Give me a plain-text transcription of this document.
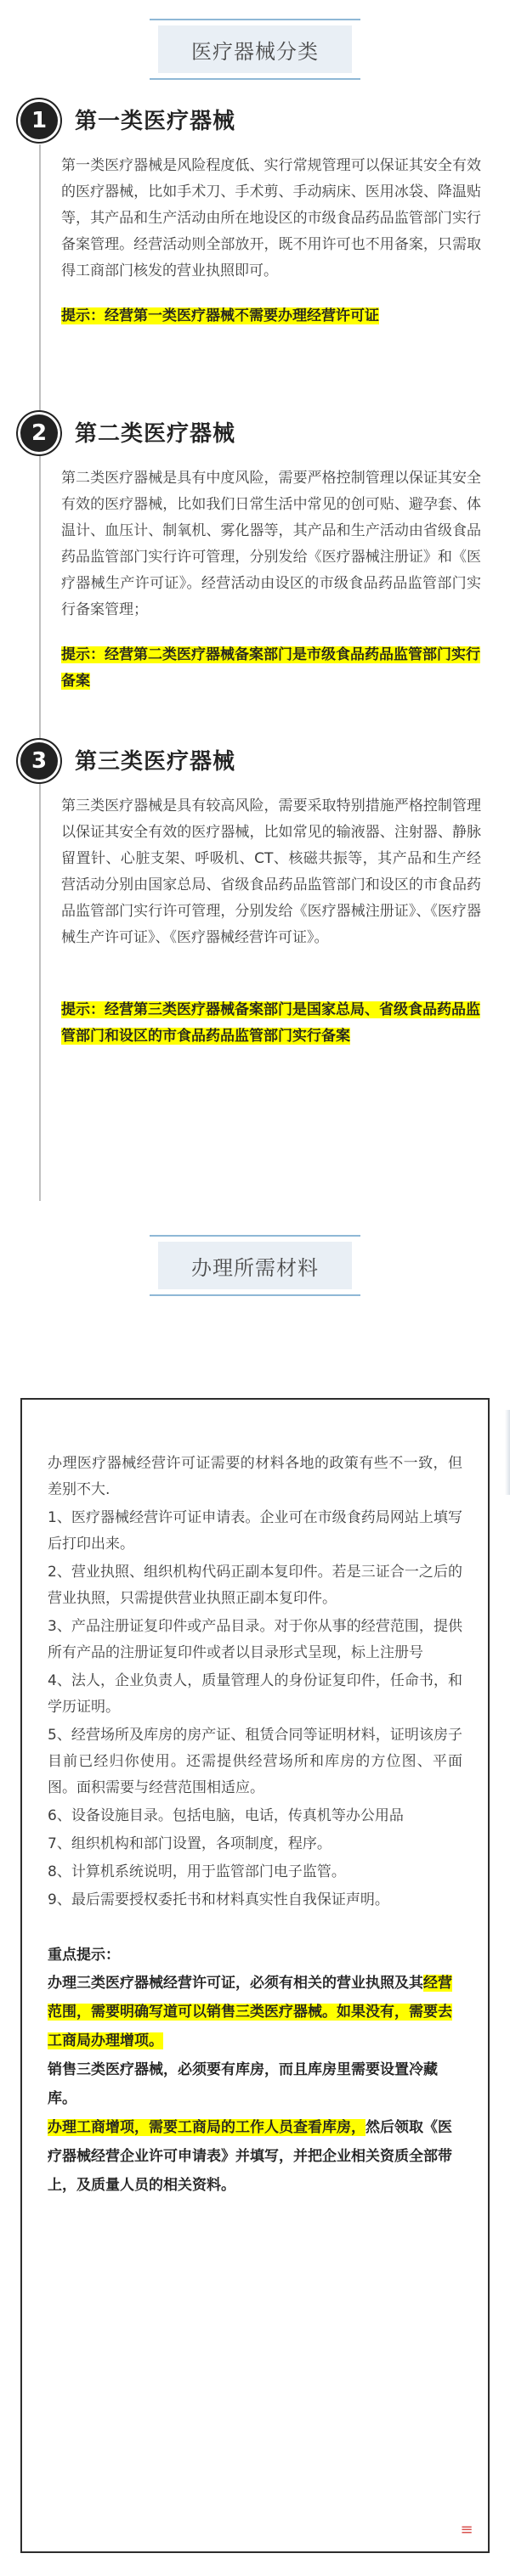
医疗器械分类
1	第一类医疗器械

第一类医疗器械是风险程度低、实行常规管理可以保证其安全有效的医疗器械，比如手术刀、手术剪、手动病床、医用冰袋、降温贴等，其产品和生产活动由所在地设区的市级食品药品监管部门实行备案管理。经营活动则全部放开，既不用许可也不用备案，只需取得工商部门核发的营业执照即可。

提示：经营第一类医疗器械不需要办理经营许可证
2	第二类医疗器械

第二类医疗器械是具有中度风险，需要严格控制管理以保证其安全有效的医疗器械，比如我们日常生活中常见的创可贴、避孕套、体温计、血压计、制氧机、雾化器等，其产品和生产活动由省级食品药品监管部门实行许可管理，分别发给《医疗器械注册证》和《医疗器械生产许可证》。经营活动由设区的市级食品药品监管部门实行备案管理；

提示：经营第二类医疗器械备案部门是市级食品药品监管部门实行备案
3	第三类医疗器械

第三类医疗器械是具有较高风险，需要采取特别措施严格控制管理以保证其安全有效的医疗器械，比如常见的输液器、注射器、静脉留置针、心脏支架、呼吸机、CT、核磁共振等，其产品和生产经营活动分别由国家总局、省级食品药品监管部门和设区的市食品药品监管部门实行许可管理，分别发给《医疗器械注册证》、《医疗器械生产许可证》、《医疗器械经营许可证》。

提示：经营第三类医疗器械备案部门是国家总局、省级食品药品监管部门和设区的市食品药品监管部门实行备案
办理所需材料

办理医疗器械经营许可证需要的材料各地的政策有些不一致，但差别不大.

1、医疗器械经营许可证申请表。企业可在市级食药局网站上填写后打印出来。

2、营业执照、组织机构代码正副本复印件。若是三证合一之后的营业执照，只需提供营业执照正副本复印件。

3、产品注册证复印件或产品目录。对于你从事的经营范围，提供所有产品的注册证复印件或者以目录形式呈现，标上注册号

4、法人，企业负责人，质量管理人的身份证复印件，任命书，和学历证明。

5、经营场所及库房的房产证、租赁合同等证明材料，证明该房子目前已经归你使用。还需提供经营场所和库房的方位图、平面图。面积需要与经营范围相适应。

6、设备设施目录。包括电脑，电话，传真机等办公用品

7、组织机构和部门设置，各项制度，程序。

8、计算机系统说明，用于监管部门电子监管。

9、最后需要授权委托书和材料真实性自我保证声明。

重点提示：

办理三类医疗器械经营许可证，必须有相关的营业执照及其经营范围，需要明确写道可以销售三类医疗器械。如果没有，需要去工商局办理增项。

销售三类医疗器械，必须要有库房，而且库房里需要设置冷藏库。

办理工商增项，需要工商局的工作人员查看库房，然后领取《医疗器械经营企业许可申请表》并填写，并把企业相关资质全部带上，及质量人员的相关资料。

≡
